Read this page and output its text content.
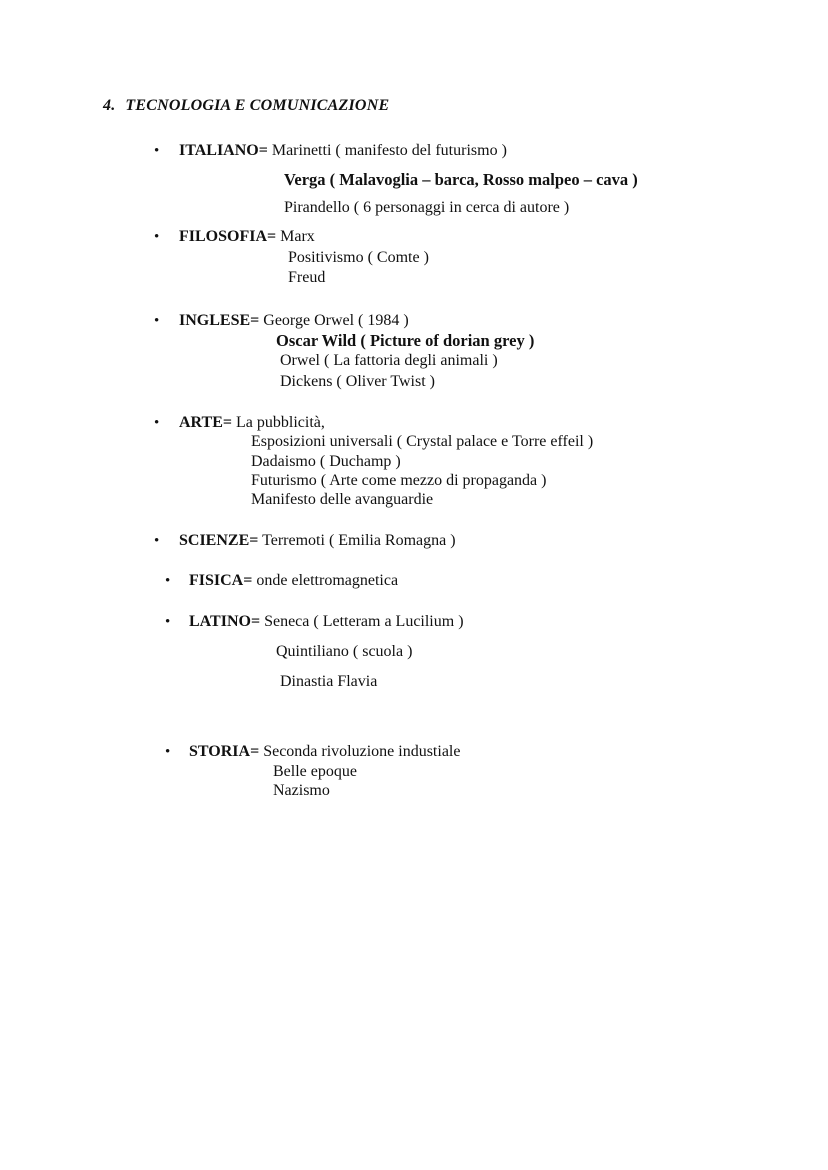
4. TECNOLOGIA E COMUNICAZIONE
•
ITALIANO= Marinetti ( manifesto del futurismo )
Verga ( Malavoglia – barca, Rosso malpeo – cava )
Pirandello ( 6 personaggi in cerca di autore )
•
FILOSOFIA= Marx
Positivismo ( Comte )
Freud
•
INGLESE= George Orwel ( 1984 )
Oscar Wild ( Picture of dorian grey )
Orwel ( La fattoria degli animali )
Dickens ( Oliver Twist )
•
ARTE= La pubblicità,
Esposizioni universali ( Crystal palace e Torre effeil )
Dadaismo ( Duchamp )
Futurismo ( Arte come mezzo di propaganda )
Manifesto delle avanguardie
•
SCIENZE= Terremoti ( Emilia Romagna )
•
FISICA= onde elettromagnetica
•
LATINO= Seneca ( Letteram a Lucilium )
Quintiliano ( scuola )
Dinastia Flavia
•
STORIA= Seconda rivoluzione industiale
Belle epoque
Nazismo
